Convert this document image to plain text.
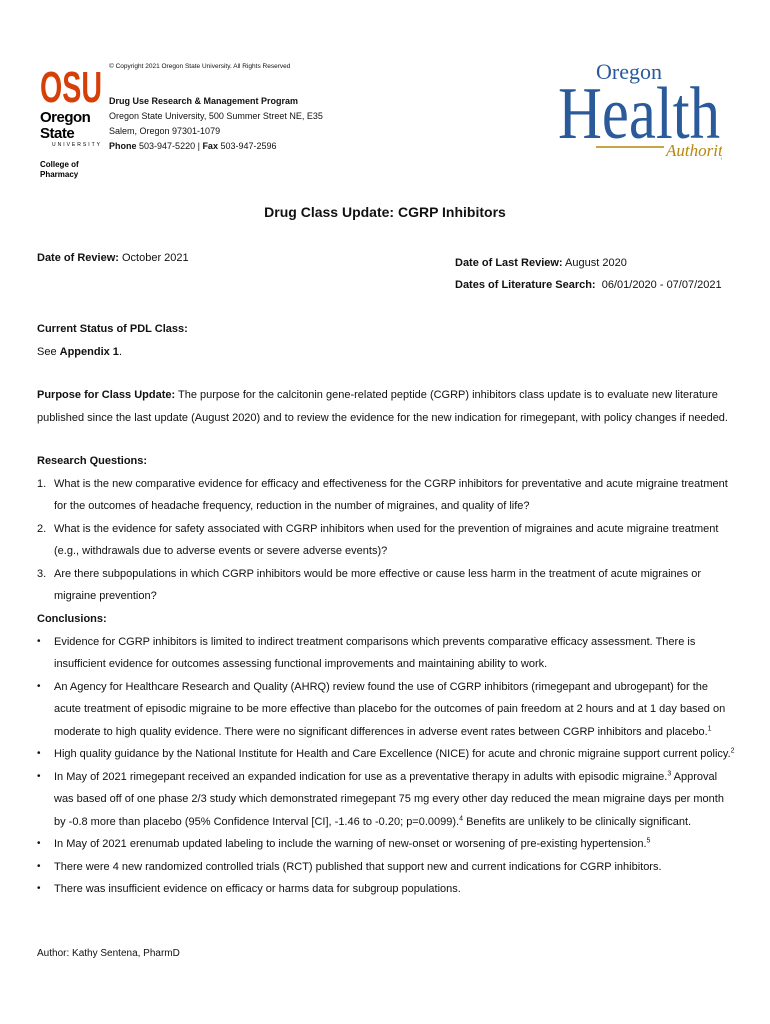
OSU
Oregon State
UNIVERSITY
College of Pharmacy
© Copyright 2021 Oregon State University. All Rights Reserved
Drug Use Research & Management Program
Oregon State University, 500 Summer Street NE, E35
Salem, Oregon 97301-1079
Phone 503-947-5220 | Fax 503-947-2596
Oregon
Health
Authori
Drug Class Update: CGRP Inhibitors
Date of Review: October 2021	Date of Last Review: August 2020
Dates of Literature Search: 06/01/2020 - 07/07/2021
Current Status of PDL Class:
See Appendix 1.
Purpose for Class Update: The purpose for the calcitonin gene-related peptide (CGRP) inhibitors class update is to evaluate new literature published since the last update (August 2020) and to review the evidence for the new indication for rimegepant, with policy changes if needed.
Research Questions:
1. What is the new comparative evidence for efficacy and effectiveness for the CGRP inhibitors for preventative and acute migraine treatment for the outcomes of headache frequency, reduction in the number of migraines, and quality of life?
2. What is the evidence for safety associated with CGRP inhibitors when used for the prevention of migraines and acute migraine treatment (e.g., withdrawals due to adverse events or severe adverse events)?
3. Are there subpopulations in which CGRP inhibitors would be more effective or cause less harm in the treatment of acute migraines or migraine prevention?
Conclusions:
• Evidence for CGRP inhibitors is limited to indirect treatment comparisons which prevents comparative efficacy assessment. There is insufficient evidence for outcomes assessing functional improvements and maintaining ability to work.
• An Agency for Healthcare Research and Quality (AHRQ) review found the use of CGRP inhibitors (rimegepant and ubrogepant) for the acute treatment of episodic migraine to be more effective than placebo for the outcomes of pain freedom at 2 hours and at 1 day based on moderate to high quality evidence. There were no significant differences in adverse event rates between CGRP inhibitors and placebo.$^1$
• High quality guidance by the National Institute for Health and Care Excellence (NICE) for acute and chronic migraine support current policy.$^2$
• In May of 2021 rimegepant received an expanded indication for use as a preventative therapy in adults with episodic migraine.$^3$ Approval was based off of one phase 2/3 study which demonstrated rimegepant 75 mg every other day reduced the mean migraine days per month by -0.8 more than placebo (95% Confidence Interval [CI], -1.46 to -0.20; p=0.0099).$^4$ Benefits are unlikely to be clinically significant.
• In May of 2021 erenumab updated labeling to include the warning of new-onset or worsening of pre-existing hypertension.$^5$
• There were 4 new randomized controlled trials (RCT) published that support new and current indications for CGRP inhibitors.
• There was insufficient evidence on efficacy or harms data for subgroup populations.
Author: Kathy Sentena, PharmD
